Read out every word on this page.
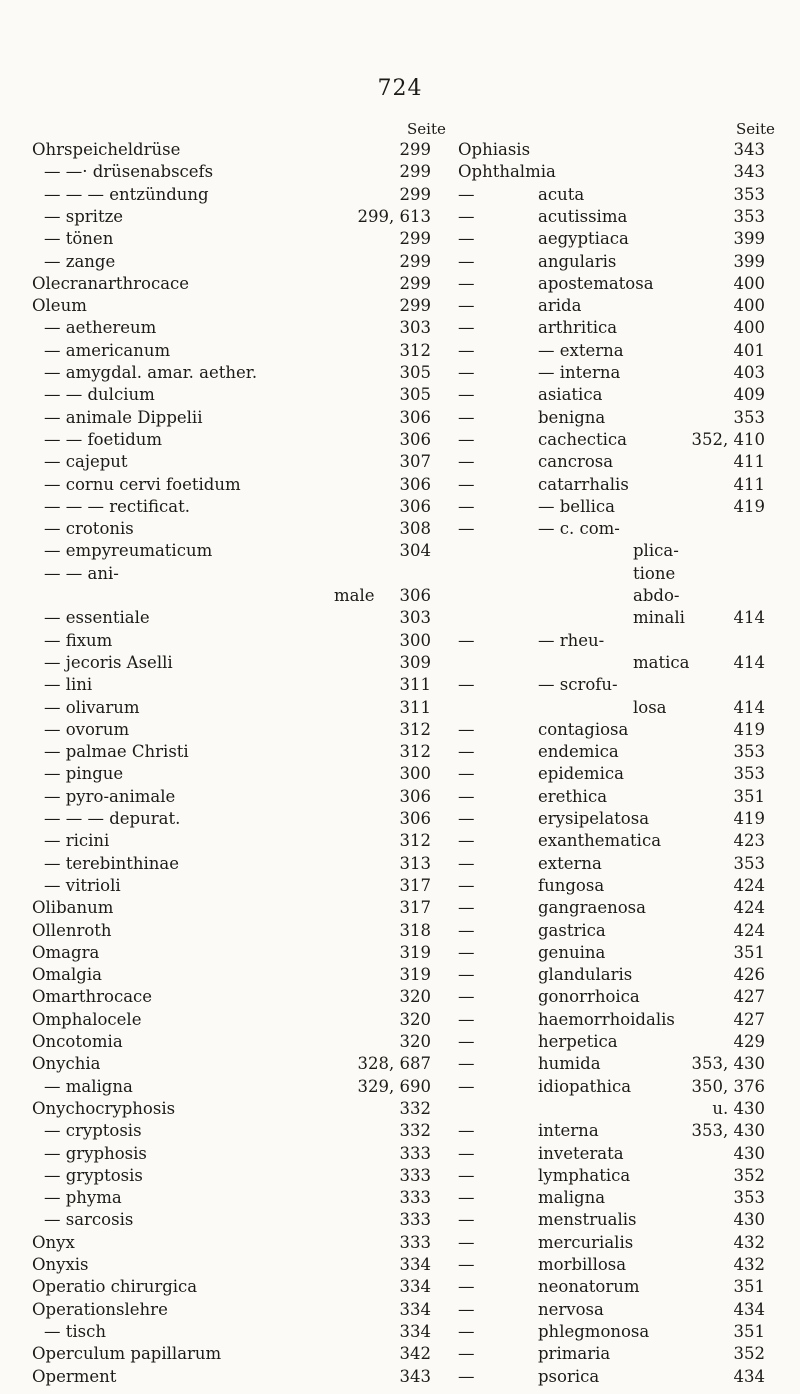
724
Seite	Seite
Ohrspeicheldrüse	299
— —· drüsenabscefs	299
— — — entzündung	299
— spritze	299, 613
— tönen	299
— zange	299
Olecranarthrocace	299
Oleum	299
— aethereum	303
— americanum	312
— amygdal. amar. aether.	305
— — dulcium	305
— animale Dippelii	306
— — foetidum	306
— cajeput	307
— cornu cervi foetidum	306
— — — rectificat.	306
— crotonis	308
— empyreumaticum	304
— — ani-
male 306
— essentiale	303
— fixum	300
— jecoris Aselli	309
— lini	311
— olivarum	311
— ovorum	312
— palmae Christi	312
— pingue	300
— pyro-animale	306
— — — depurat.	306
— ricini	312
— terebinthinae	313
— vitrioli	317
Olibanum	317
Ollenroth	318
Omagra	319
Omalgia	319
Omarthrocace	320
Omphalocele	320
Oncotomia	320
Onychia	328, 687
— maligna	329, 690
Onychocryphosis	332
— cryptosis	332
— gryphosis	333
— gryptosis	333
— phyma	333
— sarcosis	333
Onyx	333
Onyxis	334
Operatio chirurgica	334
Operationslehre	334
— tisch	334
Operculum papillarum	342
Operment	343
Ophiasis	343
Ophthalmia	343
—	acuta	353
—	acutissima	353
—	aegyptiaca	399
—	angularis	399
—	apostematosa	400
—	arida	400
—	arthritica	400
—	— externa	401
—	— interna	403
—	asiatica	409
—	benigna	353
—	cachectica	352, 410
—	cancrosa	411
—	catarrhalis	411
—	— bellica	419
—	— c. com-
plica-
tione
abdo-
minali	414
—	— rheu-
matica	414
—	— scrofu-
losa	414
—	contagiosa	419
—	endemica	353
—	epidemica	353
—	erethica	351
—	erysipelatosa	419
—	exanthematica	423
—	externa	353
—	fungosa	424
—	gangraenosa	424
—	gastrica	424
—	genuina	351
—	glandularis	426
—	gonorrhoica	427
—	haemorrhoidalis	427
—	herpetica	429
—	humida	353, 430
—	idiopathica	350, 376
u. 430
—	interna	353, 430
—	inveterata	430
—	lymphatica	352
—	maligna	353
—	menstrualis	430
—	mercurialis	432
—	morbillosa	432
—	neonatorum	351
—	nervosa	434
—	phlegmonosa	351
—	primaria	352
—	psorica	434
